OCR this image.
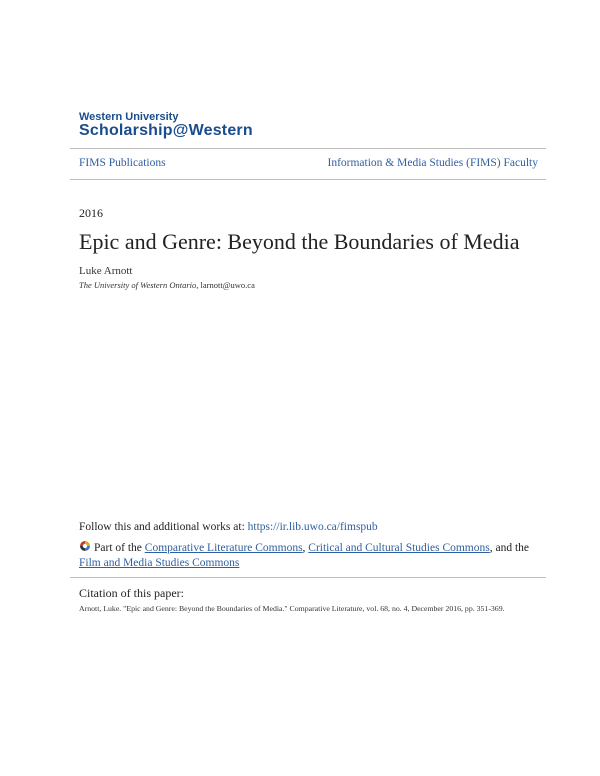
Western University
Scholarship@Western
FIMS Publications	Information & Media Studies (FIMS) Faculty
2016
Epic and Genre: Beyond the Boundaries of Media
Luke Arnott
The University of Western Ontario, larnott@uwo.ca
Follow this and additional works at: https://ir.lib.uwo.ca/fimspub
Part of the Comparative Literature Commons, Critical and Cultural Studies Commons, and the Film and Media Studies Commons
Citation of this paper:
Arnott, Luke. "Epic and Genre: Beyond the Boundaries of Media." Comparative Literature, vol. 68, no. 4, December 2016, pp. 351-369.
